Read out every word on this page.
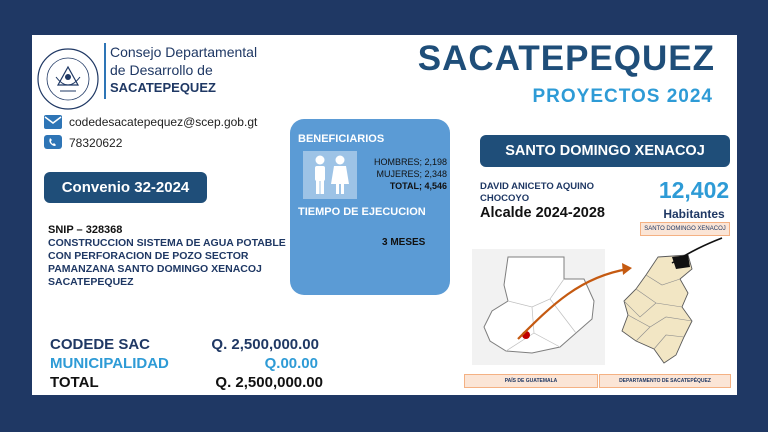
Consejo Departamental
de Desarrollo de
SACATEPEQUEZ
SACATEPEQUEZ
PROYECTOS 2024
codedesacatepequez@scep.gob.gt
78320622
Convenio 32-2024
SNIP – 328368
CONSTRUCCION SISTEMA DE AGUA POTABLE CON PERFORACION DE POZO SECTOR PAMANZANA SANTO DOMINGO XENACOJ SACATEPEQUEZ
BENEFICIARIOS
HOMBRES; 2,198
MUJERES; 2,348
TOTAL; 4,546
TIEMPO DE EJECUCION
3 MESES
CODEDE SAC	Q. 2,500,000.00
MUNICIPALIDAD	Q.00.00
TOTAL	Q. 2,500,000.00
SANTO DOMINGO XENACOJ
DAVID ANICETO AQUINO CHOCOYO
Alcalde 2024-2028
12,402
Habitantes
SANTO DOMINGO XENACOJ
PAÍS DE GUATEMALA	DEPARTAMENTO DE SACATEPÉQUEZ
